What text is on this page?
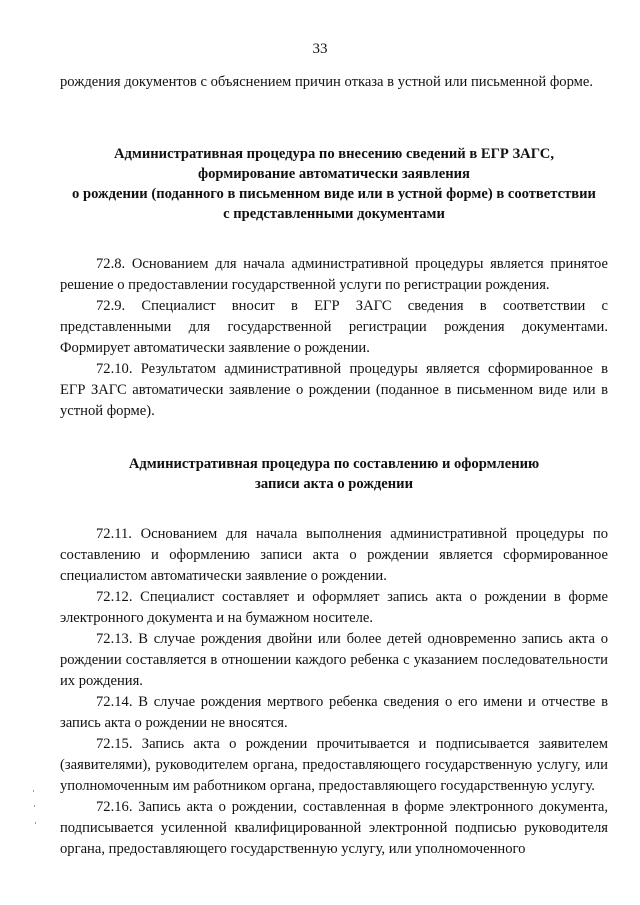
33

рождения документов с объяснением причин отказа в устной или письменной форме.

Административная процедура по внесению сведений в ЕГР ЗАГС,
формирование автоматически заявления
о рождении (поданного в письменном виде или в устной форме) в соответствии
с представленными документами

72.8. Основанием для начала административной процедуры является принятое решение о предоставлении государственной услуги по регистрации рождения.

72.9. Специалист вносит в ЕГР ЗАГС сведения в соответствии с представленными для государственной регистрации рождения документами. Формирует автоматически заявление о рождении.

72.10. Результатом административной процедуры является сформированное в ЕГР ЗАГС автоматически заявление о рождении (поданное в письменном виде или в устной форме).

Административная процедура по составлению и оформлению
записи акта о рождении

72.11. Основанием для начала выполнения административной процедуры по составлению и оформлению записи акта о рождении является сформированное специалистом автоматически заявление о рождении.

72.12. Специалист составляет и оформляет запись акта о рождении в форме электронного документа и на бумажном носителе.

72.13. В случае рождения двойни или более детей одновременно запись акта о рождении составляется в отношении каждого ребенка с указанием последовательности их рождения.

72.14. В случае рождения мертвого ребенка сведения о его имени и отчестве в запись акта о рождении не вносятся.

72.15. Запись акта о рождении прочитывается и подписывается заявителем (заявителями), руководителем органа, предоставляющего государственную услугу, или уполномоченным им работником органа, предоставляющего государственную услугу.

72.16. Запись акта о рождении, составленная в форме электронного документа, подписывается усиленной квалифицированной электронной подписью руководителя органа, предоставляющего государственную услугу, или уполномоченного
